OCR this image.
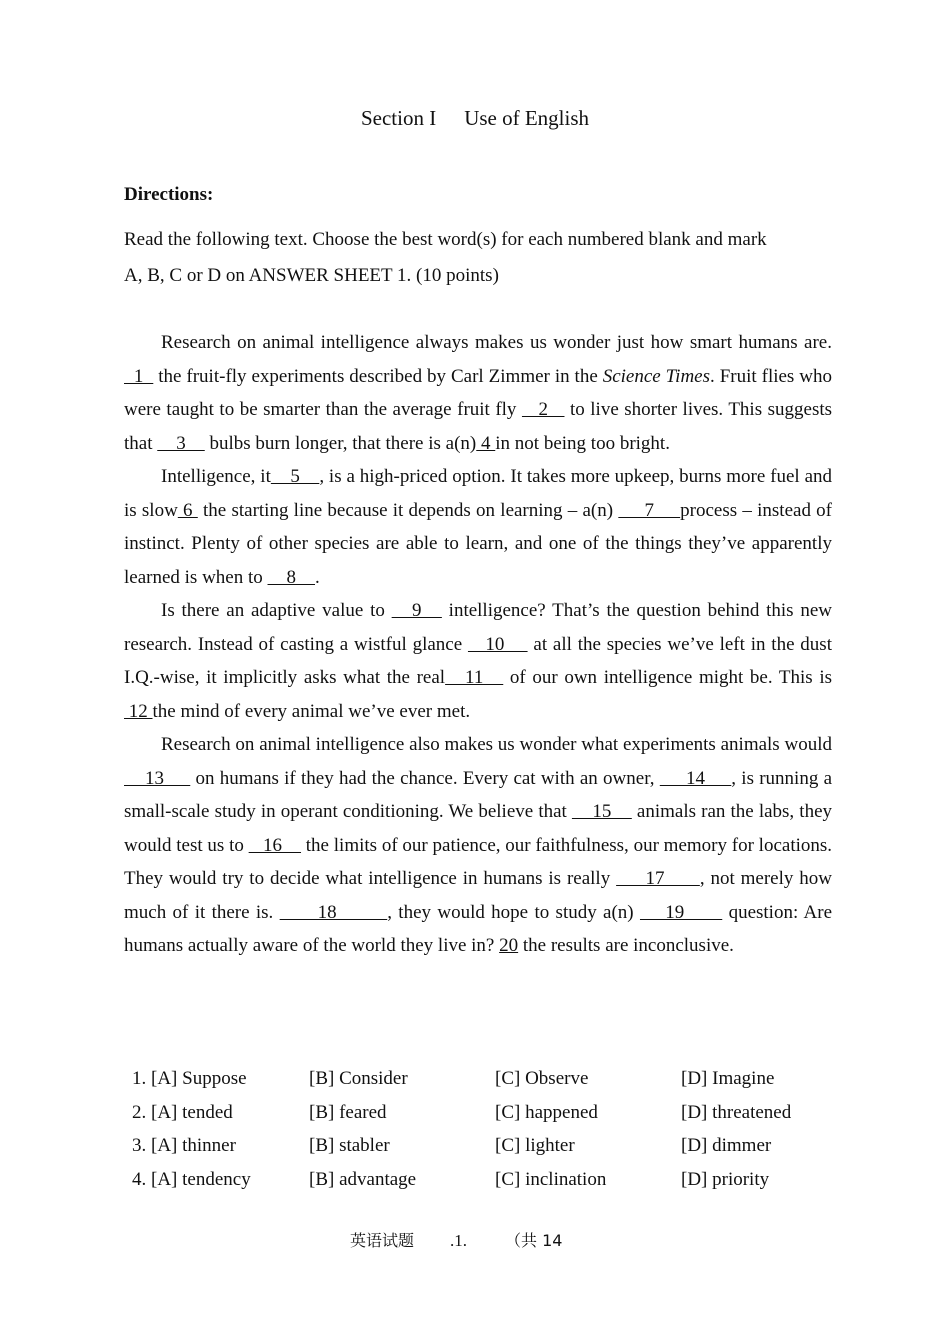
Section I Use of English
Directions:
Read the following text. Choose the best word(s) for each numbered blank and mark A, B, C or D on ANSWER SHEET 1. (10 points)

Research on animal intelligence always makes us wonder just how smart humans are.   1   the fruit-fly experiments described by Carl Zimmer in the Science Times. Fruit flies who were taught to be smarter than the average fruit fly    2    to live shorter lives. This suggests that     3     bulbs burn longer, that there is a(n) 4 in not being too bright.

Intelligence, it    5    , is a high-priced option. It takes more upkeep, burns more fuel and is slow 6  the starting line because it depends on learning – a(n)      7     process – instead of instinct. Plenty of other species are able to learn, and one of the things they’ve apparently learned is when to     8    .

Is there an adaptive value to    9    intelligence? That’s the question behind this new research. Instead of casting a wistful glance    10     at all the species we’ve left in the dust I.Q.-wise, it implicitly asks what the real   11    of our own intelligence might be. This is 12 the mind of every animal we’ve ever met.

Research on animal intelligence also makes us wonder what experiments animals would     13      on humans if they had the chance. Every cat with an owner,      14     , is running a small-scale study in operant conditioning. We believe that     15     animals ran the labs, they would test us to    16     the limits of our patience, our faithfulness, our memory for locations. They would try to decide what intelligence in humans is really      17      , not merely how much of it there is.       18        , they would hope to study a(n)     19       question: Are humans actually aware of the world they live in? 20 the results are inconclusive.

1. [A] Suppose	[B] Consider	[C] Observe	[D] Imagine
2. [A] tended	[B] feared	[C] happened	[D] threatened
3. [A] thinner	[B] stabler	[C] lighter	[D] dimmer
4. [A] tendency	[B] advantage	[C] inclination	[D] priority
英语试题 .1. （共 14
